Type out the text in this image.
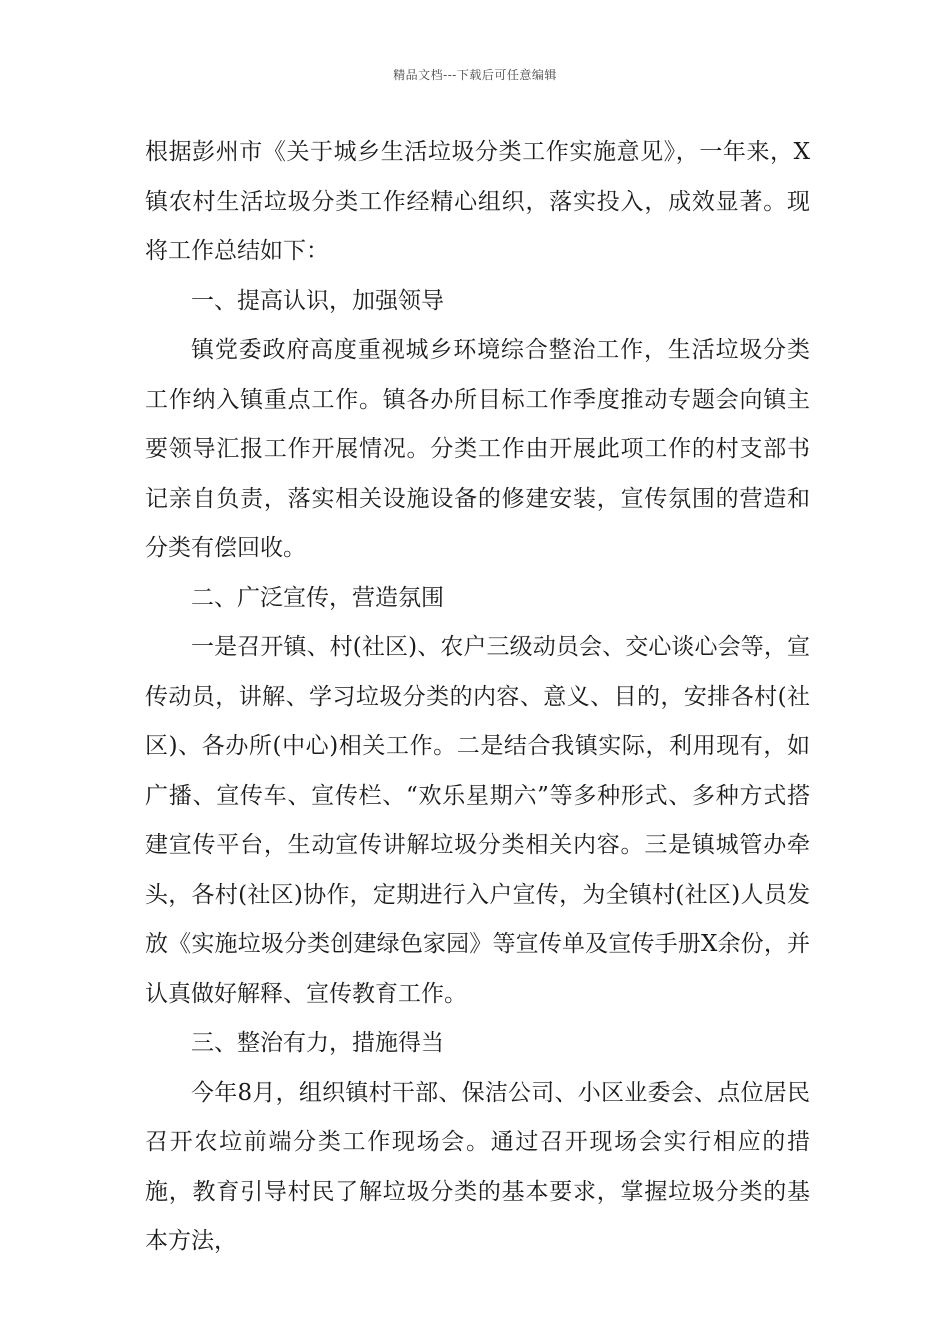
精品文档---下载后可任意编辑

根据彭州市《关于城乡生活垃圾分类工作实施意见》，一年来，X镇农村生活垃圾分类工作经精心组织，落实投入，成效显著。现将工作总结如下：

一、提高认识，加强领导

镇党委政府高度重视城乡环境综合整治工作，生活垃圾分类工作纳入镇重点工作。镇各办所目标工作季度推动专题会向镇主要领导汇报工作开展情况。分类工作由开展此项工作的村支部书记亲自负责，落实相关设施设备的修建安装，宣传氛围的营造和分类有偿回收。

二、广泛宣传，营造氛围

一是召开镇、村(社区)、农户三级动员会、交心谈心会等，宣传动员，讲解、学习垃圾分类的内容、意义、目的，安排各村(社区)、各办所(中心)相关工作。二是结合我镇实际，利用现有，如广播、宣传车、宣传栏、“欢乐星期六”等多种形式、多种方式搭建宣传平台，生动宣传讲解垃圾分类相关内容。三是镇城管办牵头，各村(社区)协作，定期进行入户宣传，为全镇村(社区)人员发放《实施垃圾分类创建绿色家园》等宣传单及宣传手册X余份，并认真做好解释、宣传教育工作。

三、整治有力，措施得当

今年8月，组织镇村干部、保洁公司、小区业委会、点位居民召开农垃前端分类工作现场会。通过召开现场会实行相应的措施，教育引导村民了解垃圾分类的基本要求，掌握垃圾分类的基本方法，
